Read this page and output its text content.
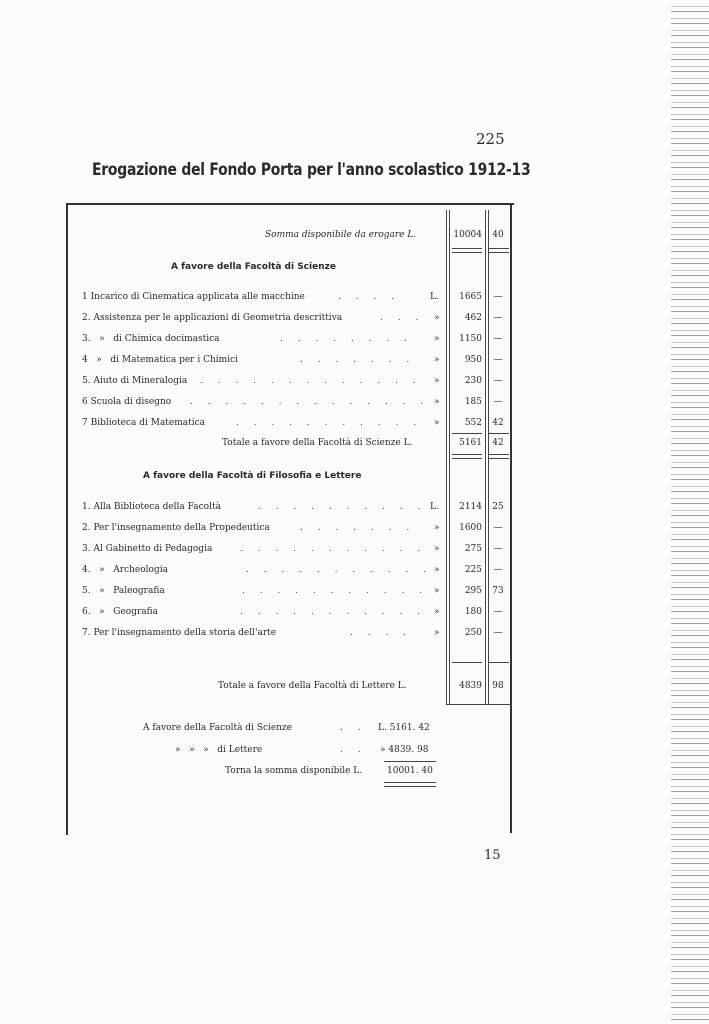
225
Erogazione del Fondo Porta per l'anno scolastico 1912-13
Somma disponibile da erogare L.	10004	40
A favore della Facoltà di Scienze
1 Incarico di Cinematica applicata alle macchine	. . . .	L.	1665	—
2. Assistenza per le applicazioni di Geometria descrittiva	. . . »	462	—
3.   »   di Chimica docimastica	. . . . . . . . »	1150	—
4   »   di Matematica per i Chimici	. . . . . . . »	950	—
5. Aiuto di Mineralogia . . . . . . . . . . . . . »	230	—
6 Scuola di disegno . . . . . . . . . . . . . . »	185	—
7 Biblioteca di Matematica	. . . . . . . . . . . »	552	42
Totale a favore della Facoltà di Scienze L.	5161	42
A favore della Facoltà di Filosofia e Lettere
1. Alla Biblioteca della Facoltà	. . . . . . . . . . L.	2114	25
2. Per l'insegnamento della Propedeutica	. . . . . . . »	1600	—
3. Al Gabinetto di Pedagogia	. . . . . . . . . . . »	275	—
4.   »   Archeologia	. . . . . . . . . . . »	225	—
5.   »   Paleografia	. . . . . . . . . . . »	295	73
6.   »   Geografia	. . . . . . . . . . . »	180	—
7. Per l'insegnamento della storia dell'arte	. . . . »	250	—
Totale a favore della Facoltà di Lettere L.	4839	98
A favore della Facoltà di Scienze	. . L. 5161. 42
»   »   »   di Lettere	. . » 4839. 98
Torna la somma disponibile L.	10001. 40
15
